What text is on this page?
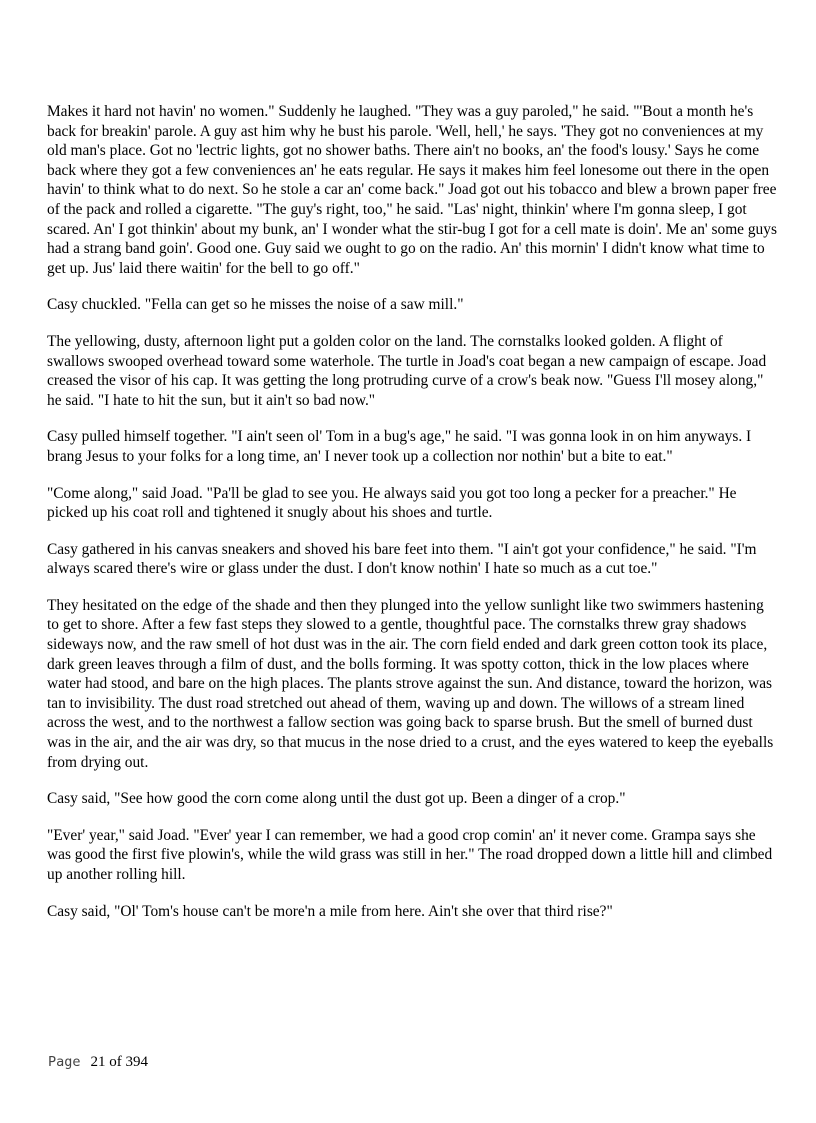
Makes it hard not havin' no women." Suddenly he laughed. "They was a guy paroled," he said. "'Bout a month he's back for breakin' parole. A guy ast him why he bust his parole. 'Well, hell,' he says. 'They got no conveniences at my old man's place. Got no 'lectric lights, got no shower baths. There ain't no books, an' the food's lousy.' Says he come back where they got a few conveniences an' he eats regular. He says it makes him feel lonesome out there in the open havin' to think what to do next. So he stole a car an' come back." Joad got out his tobacco and blew a brown paper free of the pack and rolled a cigarette. "The guy's right, too," he said. "Las' night, thinkin' where I'm gonna sleep, I got scared. An' I got thinkin' about my bunk, an' I wonder what the stir-bug I got for a cell mate is doin'. Me an' some guys had a strang band goin'. Good one. Guy said we ought to go on the radio. An' this mornin' I didn't know what time to get up. Jus' laid there waitin' for the bell to go off."

Casy chuckled. "Fella can get so he misses the noise of a saw mill."

The yellowing, dusty, afternoon light put a golden color on the land. The cornstalks looked golden. A flight of swallows swooped overhead toward some waterhole. The turtle in Joad's coat began a new campaign of escape. Joad creased the visor of his cap. It was getting the long protruding curve of a crow's beak now. "Guess I'll mosey along," he said. "I hate to hit the sun, but it ain't so bad now."

Casy pulled himself together. "I ain't seen ol' Tom in a bug's age," he said. "I was gonna look in on him anyways. I brang Jesus to your folks for a long time, an' I never took up a collection nor nothin' but a bite to eat."

"Come along," said Joad. "Pa'll be glad to see you. He always said you got too long a pecker for a preacher." He picked up his coat roll and tightened it snugly about his shoes and turtle.

Casy gathered in his canvas sneakers and shoved his bare feet into them. "I ain't got your confidence," he said. "I'm always scared there's wire or glass under the dust. I don't know nothin' I hate so much as a cut toe."

They hesitated on the edge of the shade and then they plunged into the yellow sunlight like two swimmers hastening to get to shore. After a few fast steps they slowed to a gentle, thoughtful pace. The cornstalks threw gray shadows sideways now, and the raw smell of hot dust was in the air. The corn field ended and dark green cotton took its place, dark green leaves through a film of dust, and the bolls forming. It was spotty cotton, thick in the low places where water had stood, and bare on the high places. The plants strove against the sun. And distance, toward the horizon, was tan to invisibility. The dust road stretched out ahead of them, waving up and down. The willows of a stream lined across the west, and to the northwest a fallow section was going back to sparse brush. But the smell of burned dust was in the air, and the air was dry, so that mucus in the nose dried to a crust, and the eyes watered to keep the eyeballs from drying out.

Casy said, "See how good the corn come along until the dust got up. Been a dinger of a crop."

"Ever' year," said Joad. "Ever' year I can remember, we had a good crop comin' an' it never come. Grampa says she was good the first five plowin's, while the wild grass was still in her." The road dropped down a little hill and climbed up another rolling hill.

Casy said, "Ol' Tom's house can't be more'n a mile from here. Ain't she over that third rise?"

Page 21 of 394
